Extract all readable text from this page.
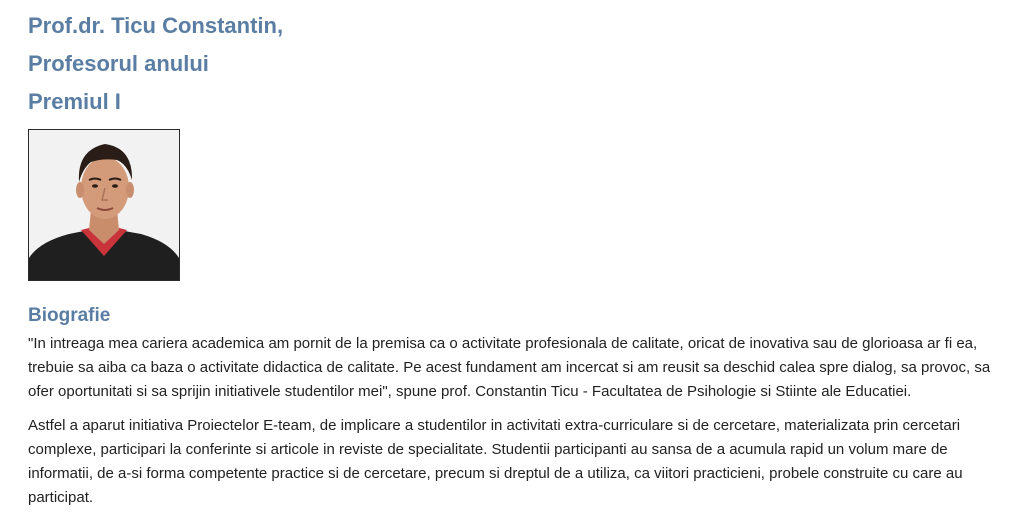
Prof.dr. Ticu Constantin,
Profesorul anului
Premiul I
Biografie

"In intreaga mea cariera academica am pornit de la premisa ca o activitate profesionala de calitate, oricat de inovativa sau de glorioasa ar fi ea, trebuie sa aiba ca baza o activitate didactica de calitate. Pe acest fundament am incercat si am reusit sa deschid calea spre dialog, sa provoc, sa ofer oportunitati si sa sprijin initiativele studentilor mei", spune prof. Constantin Ticu - Facultatea de Psihologie si Stiinte ale Educatiei.

Astfel a aparut initiativa Proiectelor E-team, de implicare a studentilor in activitati extra-curriculare si de cercetare, materializata prin cercetari complexe, participari la conferinte si articole in reviste de specialitate. Studentii participanti au sansa de a acumula rapid un volum mare de informatii, de a-si forma competente practice si de cercetare, precum si dreptul de a utiliza, ca viitori practicieni, probele construite cu care au participat.
